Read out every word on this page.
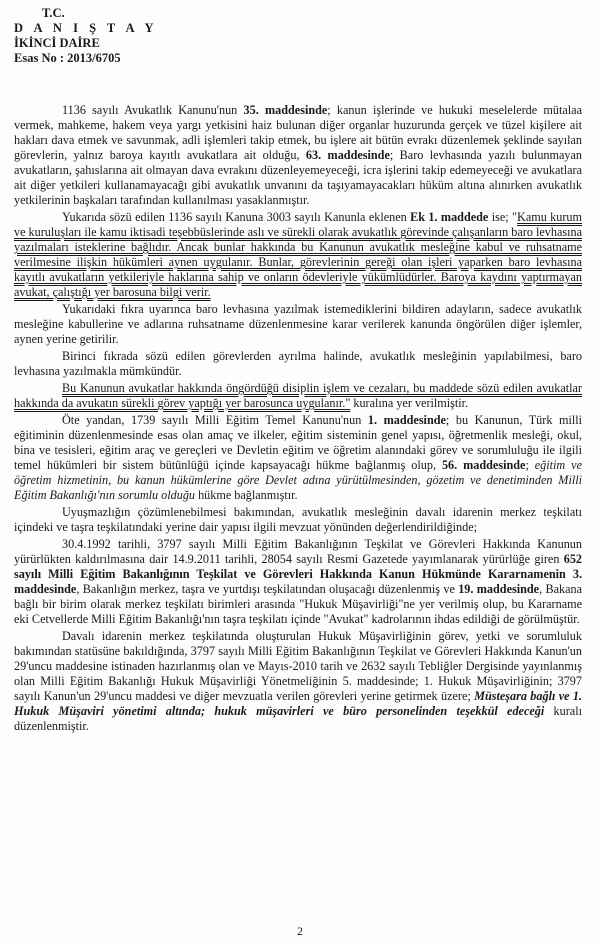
T.C.
D A N I Ş T A Y
İKİNCİ DAİRE
Esas No : 2013/6705

1136 sayılı Avukatlık Kanunu'nun 35. maddesinde; kanun işlerinde ve hukuki meselelerde mütalaa vermek, mahkeme, hakem veya yargı yetkisini haiz bulunan diğer organlar huzurunda gerçek ve tüzel kişilere ait hakları dava etmek ve savunmak, adli işlemleri takip etmek, bu işlere ait bütün evrakı düzenlemek şeklinde sayılan görevlerin, yalnız baroya kayıtlı avukatlara ait olduğu, 63. maddesinde; Baro levhasında yazılı bulunmayan avukatların, şahıslarına ait olmayan dava evrakını düzenleyemeyeceği, icra işlerini takip edemeyeceği ve avukatlara ait diğer yetkileri kullanamayacağı gibi avukatlık unvanını da taşıyamayacakları hüküm altına alınırken avukatlık yetkilerinin başkaları tarafından kullanılması yasaklanmıştır.

Yukarıda sözü edilen 1136 sayılı Kanuna 3003 sayılı Kanunla eklenen Ek 1. maddede ise; "Kamu kurum ve kuruluşları ile kamu iktisadi teşebbüslerinde aslı ve sürekli olarak avukatlık görevinde çalışanların baro levhasına yazılmaları isteklerine bağlıdır. Ancak bunlar hakkında bu Kanunun avukatlık mesleğine kabul ve ruhsatname verilmesine ilişkin hükümleri aynen uygulanır. Bunlar, görevlerinin gereği olan işleri yaparken baro levhasına kayıtlı avukatların yetkileriyle haklarına sahip ve onların ödevleriyle yükümlüdürler. Baroya kaydını yaptırmayan avukat, çalıştığı yer barosuna bilgi verir.

Yukarıdaki fıkra uyarınca baro levhasına yazılmak istemediklerini bildiren adayların, sadece avukatlık mesleğine kabullerine ve adlarına ruhsatname düzenlenmesine karar verilerek kanunda öngörülen diğer işlemler, aynen yerine getirilir.

Birinci fıkrada sözü edilen görevlerden ayrılma halinde, avukatlık mesleğinin yapılabilmesi, baro levhasına yazılmakla mümkündür.

Bu Kanunun avukatlar hakkında öngördüğü disiplin işlem ve cezaları, bu maddede sözü edilen avukatlar hakkında da avukatın sürekli görev yaptığı yer barosunca uygulanır." kuralına yer verilmiştir.

Öte yandan, 1739 sayılı Milli Eğitim Temel Kanunu'nun 1. maddesinde; bu Kanunun, Türk milli eğitiminin düzenlenmesinde esas olan amaç ve ilkeler, eğitim sisteminin genel yapısı, öğretmenlik mesleği, okul, bina ve tesisleri, eğitim araç ve gereçleri ve Devletin eğitim ve öğretim alanındaki görev ve sorumluluğu ile ilgili temel hükümleri bir sistem bütünlüğü içinde kapsayacağı hükme bağlanmış olup, 56. maddesinde; eğitim ve öğretim hizmetinin, bu kanun hükümlerine göre Devlet adına yürütülmesinden, gözetim ve denetiminden Milli Eğitim Bakanlığı'nın sorumlu olduğu hükme bağlanmıştır.

Uyuşmazlığın çözümlenebilmesi bakımından, avukatlık mesleğinin davalı idarenin merkez teşkilatı içindeki ve taşra teşkilatındaki yerine dair yapısı ilgili mevzuat yönünden değerlendirildiğinde;

30.4.1992 tarihli, 3797 sayılı Milli Eğitim Bakanlığının Teşkilat ve Görevleri Hakkında Kanunun yürürlükten kaldırılmasına dair 14.9.2011 tarihli, 28054 sayılı Resmi Gazetede yayımlanarak yürürlüğe giren 652 sayılı Milli Eğitim Bakanlığının Teşkilat ve Görevleri Hakkında Kanun Hükmünde Kararnamenin 3. maddesinde, Bakanlığın merkez, taşra ve yurtdışı teşkilatından oluşacağı düzenlenmiş ve 19. maddesinde, Bakana bağlı bir birim olarak merkez teşkilatı birimleri arasında "Hukuk Müşavirliği"ne yer verilmiş olup, bu Kararname eki Cetvellerde Milli Eğitim Bakanlığı'nın taşra teşkilatı içinde "Avukat" kadrolarının ihdas edildiği de görülmüştür.

Davalı idarenin merkez teşkilatında oluşturulan Hukuk Müşavirliğinin görev, yetki ve sorumluluk bakımından statüsüne bakıldığında, 3797 sayılı Milli Eğitim Bakanlığının Teşkilat ve Görevleri Hakkında Kanun'un 29'uncu maddesine istinaden hazırlanmış olan ve Mayıs-2010 tarih ve 2632 sayılı Tebliğler Dergisinde yayınlanmış olan Milli Eğitim Bakanlığı Hukuk Müşavirliği Yönetmeliğinin 5. maddesinde; 1. Hukuk Müşavirliğinin; 3797 sayılı Kanun'un 29'uncu maddesi ve diğer mevzuatla verilen görevleri yerine getirmek üzere; Müsteşara bağlı ve 1. Hukuk Müşaviri yönetimi altında; hukuk müşavirleri ve büro personelinden teşekkül edeceği kuralı düzenlenmiştir.

2
